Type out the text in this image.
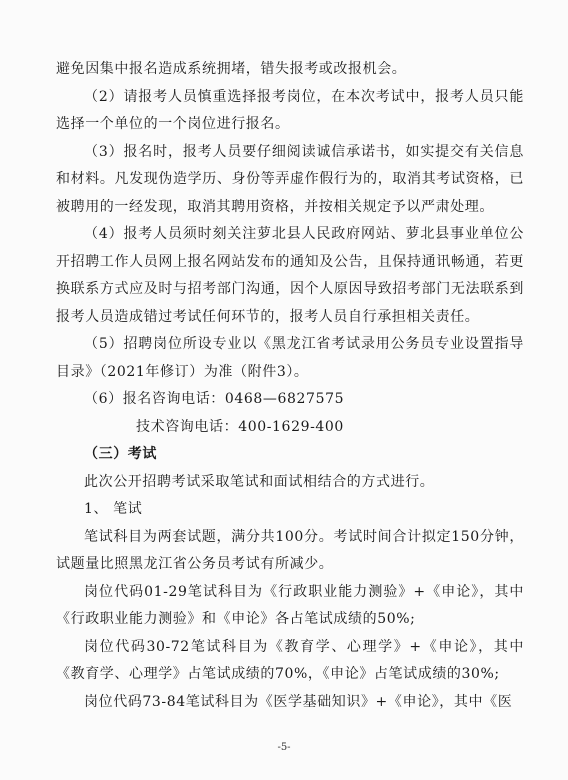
避免因集中报名造成系统拥堵，错失报考或改报机会。

（2）请报考人员慎重选择报考岗位，在本次考试中，报考人员只能选择一个单位的一个岗位进行报名。

（3）报名时，报考人员要仔细阅读诚信承诺书，如实提交有关信息和材料。凡发现伪造学历、身份等弄虚作假行为的，取消其考试资格，已被聘用的一经发现，取消其聘用资格，并按相关规定予以严肃处理。

（4）报考人员须时刻关注萝北县人民政府网站、萝北县事业单位公开招聘工作人员网上报名网站发布的通知及公告，且保持通讯畅通，若更换联系方式应及时与招考部门沟通，因个人原因导致招考部门无法联系到报考人员造成错过考试任何环节的，报考人员自行承担相关责任。

（5）招聘岗位所设专业以《黑龙江省考试录用公务员专业设置指导目录》（2021年修订）为准（附件3）。

（6）报名咨询电话：0468—6827575

技术咨询电话：400-1629-400

（三）考试

此次公开招聘考试采取笔试和面试相结合的方式进行。

1、 笔试

笔试科目为两套试题，满分共100分。考试时间合计拟定150分钟，试题量比照黑龙江省公务员考试有所减少。

岗位代码01-29笔试科目为《行政职业能力测验》+《申论》，其中《行政职业能力测验》和《申论》各占笔试成绩的50%;

岗位代码30-72笔试科目为《教育学、心理学》+《申论》，其中《教育学、心理学》占笔试成绩的70%，《申论》占笔试成绩的30%;

岗位代码73-84笔试科目为《医学基础知识》+《申论》，其中《医

-5-
